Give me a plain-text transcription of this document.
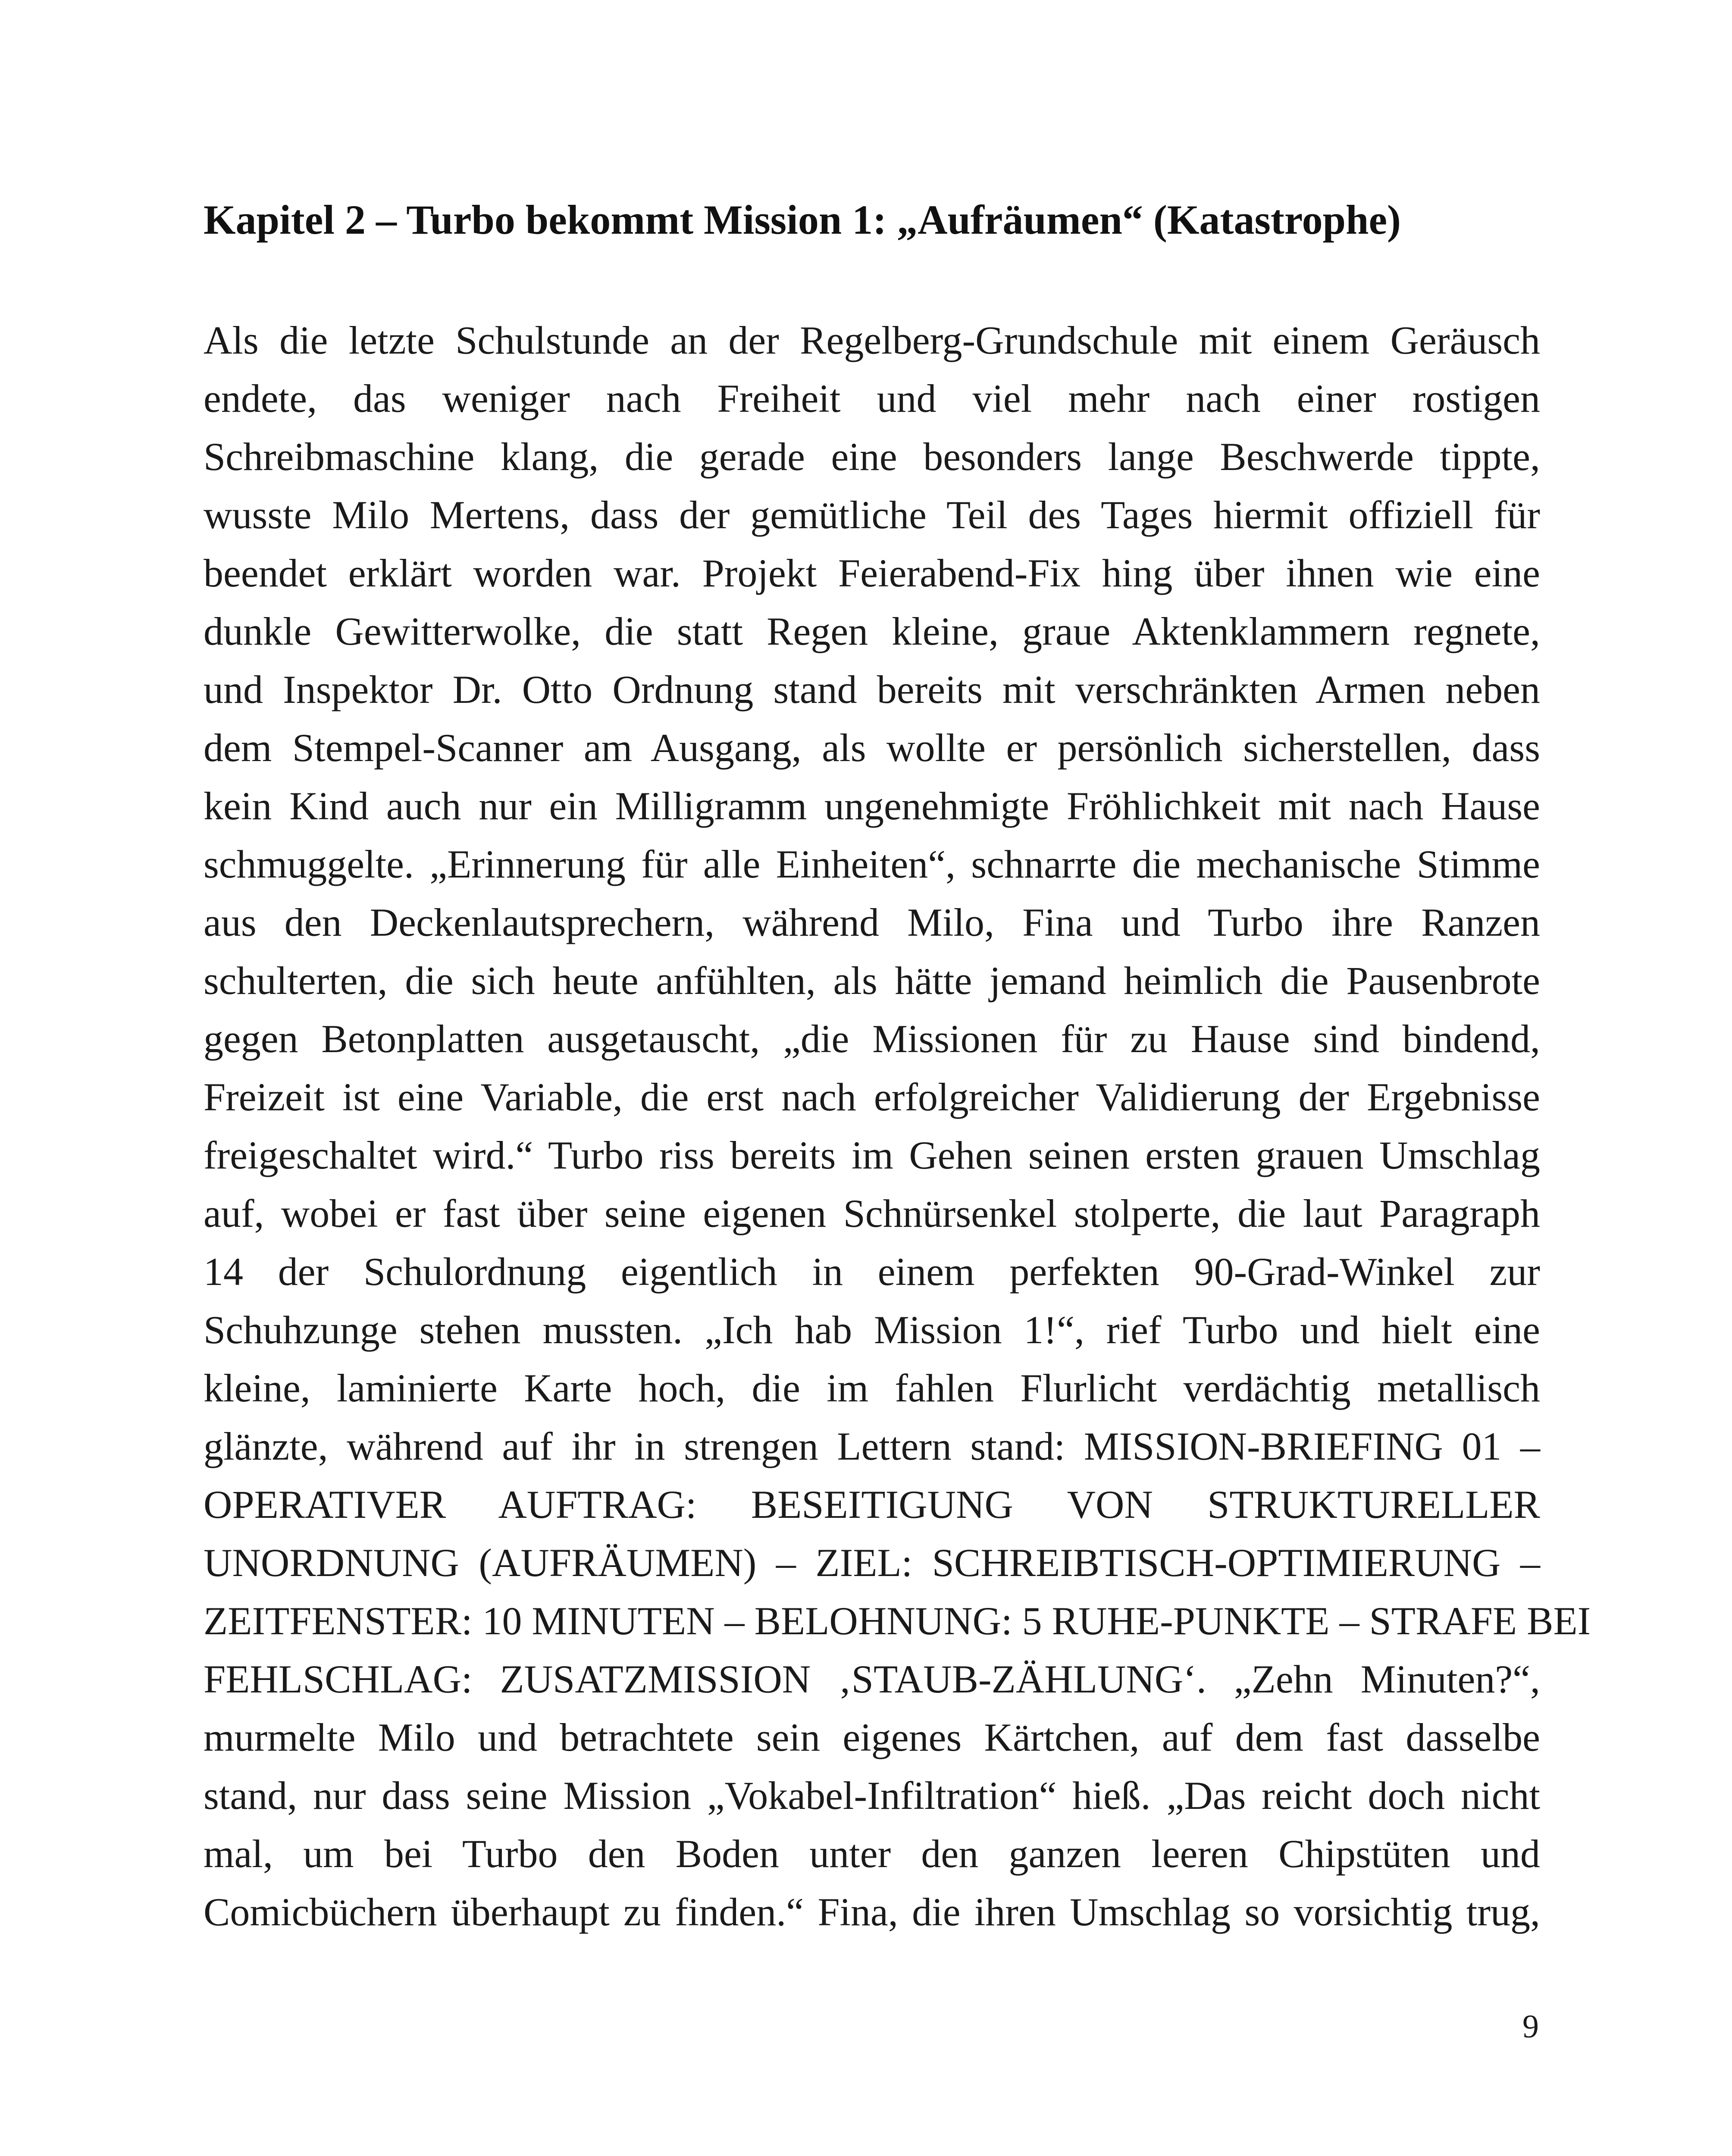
Kapitel 2 – Turbo bekommt Mission 1: „Aufräumen“ (Katastrophe)
Als die letzte Schulstunde an der Regelberg-Grundschule mit einem Geräusch
endete, das weniger nach Freiheit und viel mehr nach einer rostigen
Schreibmaschine klang, die gerade eine besonders lange Beschwerde tippte,
wusste Milo Mertens, dass der gemütliche Teil des Tages hiermit offiziell für
beendet erklärt worden war. Projekt Feierabend-Fix hing über ihnen wie eine
dunkle Gewitterwolke, die statt Regen kleine, graue Aktenklammern regnete,
und Inspektor Dr. Otto Ordnung stand bereits mit verschränkten Armen neben
dem Stempel-Scanner am Ausgang, als wollte er persönlich sicherstellen, dass
kein Kind auch nur ein Milligramm ungenehmigte Fröhlichkeit mit nach Hause
schmuggelte. „Erinnerung für alle Einheiten“, schnarrte die mechanische Stimme
aus den Deckenlautsprechern, während Milo, Fina und Turbo ihre Ranzen
schulterten, die sich heute anfühlten, als hätte jemand heimlich die Pausenbrote
gegen Betonplatten ausgetauscht, „die Missionen für zu Hause sind bindend,
Freizeit ist eine Variable, die erst nach erfolgreicher Validierung der Ergebnisse
freigeschaltet wird.“ Turbo riss bereits im Gehen seinen ersten grauen Umschlag
auf, wobei er fast über seine eigenen Schnürsenkel stolperte, die laut Paragraph
14 der Schulordnung eigentlich in einem perfekten 90-Grad-Winkel zur
Schuhzunge stehen mussten. „Ich hab Mission 1!“, rief Turbo und hielt eine
kleine, laminierte Karte hoch, die im fahlen Flurlicht verdächtig metallisch
glänzte, während auf ihr in strengen Lettern stand: MISSION-BRIEFING 01 –
OPERATIVER AUFTRAG: BESEITIGUNG VON STRUKTURELLER
UNORDNUNG (AUFRÄUMEN) – ZIEL: SCHREIBTISCH-OPTIMIERUNG –
ZEITFENSTER: 10 MINUTEN – BELOHNUNG: 5 RUHE-PUNKTE – STRAFE BEI
FEHLSCHLAG: ZUSATZMISSION ‚STAUB-ZÄHLUNG‘. „Zehn Minuten?“,
murmelte Milo und betrachtete sein eigenes Kärtchen, auf dem fast dasselbe
stand, nur dass seine Mission „Vokabel-Infiltration“ hieß. „Das reicht doch nicht
mal, um bei Turbo den Boden unter den ganzen leeren Chipstüten und
Comicbüchern überhaupt zu finden.“ Fina, die ihren Umschlag so vorsichtig trug,
9
